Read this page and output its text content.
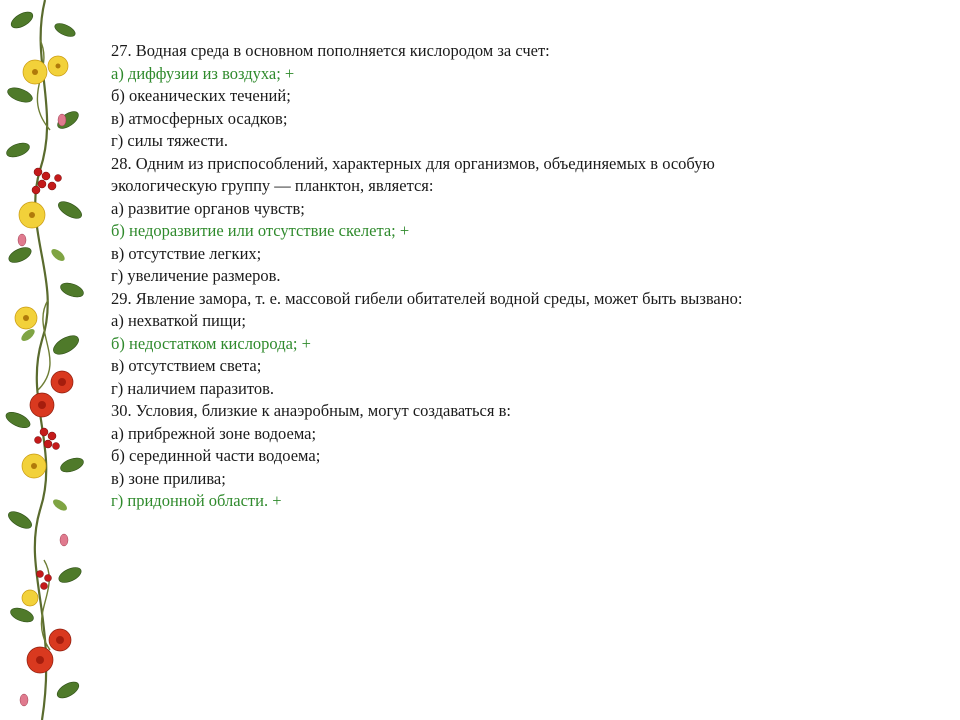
27. Водная среда в основном пополняется кислородом за счет:

а) диффузии из воздуха; +

б) океанических течений;

в) атмосферных осадков;

г) силы тяжести.

28. Одним из приспособлений, характерных для организмов, объединяемых в особую экологическую группу — планктон, является:

а) развитие органов чувств;

б) недоразвитие или отсутствие скелета; +

в) отсутствие легких;

г) увеличение размеров.

29. Явление замора, т. е. массовой гибели обитателей водной среды, может быть вызвано:

а) нехваткой пищи;

б) недостатком кислорода; +

в) отсутствием света;

г) наличием паразитов.

30. Условия, близкие к анаэробным, могут создаваться в:

а) прибрежной зоне водоема;

б) серединной части водоема;

в) зоне прилива;

г) придонной области. +
